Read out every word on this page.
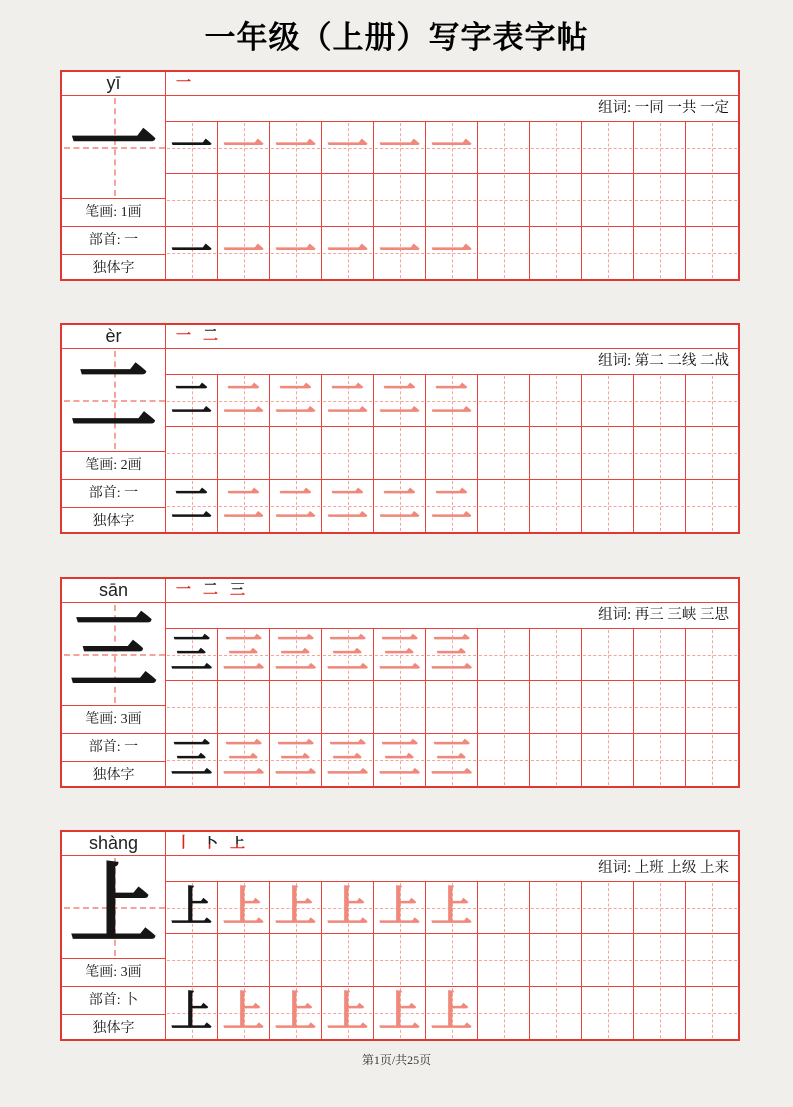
一年级（上册）写字表字帖
yī
一
笔画: 1画
部首: 一
独体字
一
组词: 一同 一共 一定
一 一 一 一 一 一
一 一 一 一 一 一
èr
二
笔画: 2画
部首: 一
独体字
一 二
组词: 第二 二线 二战
二 二 二 二 二 二
二 二 二 二 二 二
sān
三
笔画: 3画
部首: 一
独体字
一 二 三
组词: 再三 三峡 三思
三 三 三 三 三 三
三 三 三 三 三 三
shàng
上
笔画: 3画
部首: 卜
独体字
丨 卜 上
组词: 上班 上级 上来
上 上 上 上 上 上
上 上 上 上 上 上
第1页/共25页
